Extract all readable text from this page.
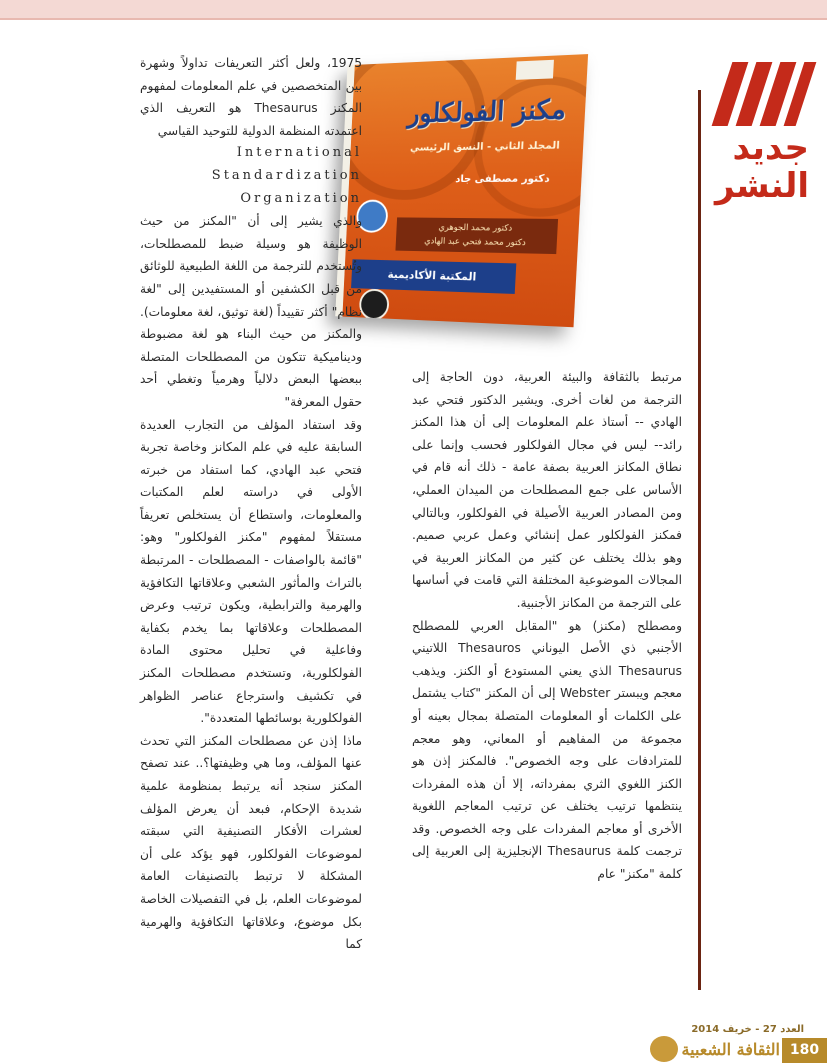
مكنز الفولكلور
المجلد الثاني - النسق الرئيسي
دكتور مصطفى جاد
دكتور محمد الجوهري
دكتور محمد فتحي عبد الهادي
المكتبة الأكاديمية
جديد
النشر

1975، ولعل أكثر التعريفات تداولاً وشهرة بين المتخصصين في علم المعلومات لمفهوم المكنز Thesaurus هو التعريف الذي اعتمدته المنظمة الدولية للتوحيد القياسي

International Standardization Organization

والذي يشير إلى أن "المكنز من حيث الوظيفة هو وسيلة ضبط للمصطلحات، وتُستخدم للترجمة من اللغة الطبيعية للوثائق من قبل الكشفين أو المستفيدين إلى "لغة نظام" أكثر تقييداً (لغة توثيق، لغة معلومات). والمكنز من حيث البناء هو لغة مضبوطة وديناميكية تتكون من المصطلحات المتصلة ببعضها البعض دلالياً وهرمياً وتغطي أحد حقول المعرفة"

وقد استفاد المؤلف من التجارب العديدة السابقة عليه في علم المكانز وخاصة تجربة فتحي عبد الهادي، كما استفاد من خبرته الأولى في دراسته لعلم المكتبات والمعلومات، واستطاع أن يستخلص تعريفاً مستقلاً لمفهوم "مكنز الفولكلور" وهو: "قائمة بالواصفات - المصطلحات - المرتبطة بالتراث والمأثور الشعبي وعلاقاتها التكافؤية والهرمية والترابطية، ويكون ترتيب وعرض المصطلحات وعلاقاتها بما يخدم بكفاية وفاعلية في تحليل محتوى المادة الفولكلورية، وتستخدم مصطلحات المكنز في تكشيف واسترجاع عناصر الظواهر الفولكلورية بوسائطها المتعددة".

ماذا إذن عن مصطلحات المكنز التي تحدث عنها المؤلف، وما هي وظيفتها؟.. عند تصفح المكنز سنجد أنه يرتبط بمنظومة علمية شديدة الإحكام، فبعد أن يعرض المؤلف لعشرات الأفكار التصنيفية التي سبقته لموضوعات الفولكلور، فهو يؤكد على أن المشكلة لا ترتبط بالتصنيفات العامة لموضوعات العلم، بل في التفصيلات الخاصة بكل موضوع، وعلاقاتها التكافؤية والهرمية كما

مرتبط بالثقافة والبيئة العربية، دون الحاجة إلى الترجمة من لغات أخرى. ويشير الدكتور فتحي عبد الهادي -- أستاذ علم المعلومات إلى أن هذا المكنز رائد-- ليس في مجال الفولكلور فحسب وإنما على نطاق المكانز العربية بصفة عامة - ذلك أنه قام في الأساس على جمع المصطلحات من الميدان العملي، ومن المصادر العربية الأصيلة في الفولكلور، وبالتالي فمكنز الفولكلور عمل إنشائي وعمل عربي صميم. وهو بذلك يختلف عن كثير من المكانز العربية في المجالات الموضوعية المختلفة التي قامت في أساسها على الترجمة من المكانز الأجنبية.

ومصطلح (مكنز) هو "المقابل العربي للمصطلح الأجنبي ذي الأصل اليوناني Thesauros اللاتيني Thesaurus الذي يعني المستودع أو الكنز. ويذهب معجم ويبستر Webster إلى أن المكنز "كتاب يشتمل على الكلمات أو المعلومات المتصلة بمجال بعينه أو مجموعة من المفاهيم أو المعاني، وهو معجم للمترادفات على وجه الخصوص". فالمكنز إذن هو الكنز اللغوي الثري بمفرداته، إلا أن هذه المفردات ينتظمها ترتيب يختلف عن ترتيب المعاجم اللغوية الأخرى أو معاجم المفردات على وجه الخصوص. وقد ترجمت كلمة Thesaurus الإنجليزية إلى العربية إلى كلمة "مكنز" عام

العدد 27 - خريف 2014
الثقافة الشعبية 180
